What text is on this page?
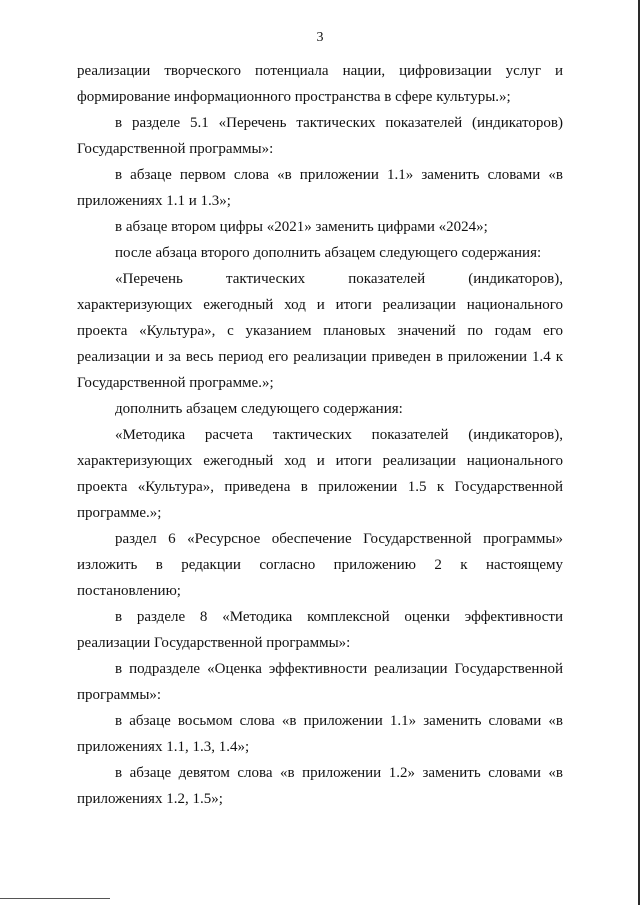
3

реализации творческого потенциала нации, цифровизации услуг и формирование информационного пространства в сфере культуры.»;

в разделе 5.1 «Перечень тактических показателей (индикаторов) Государственной программы»:

в абзаце первом слова «в приложении 1.1» заменить словами «в приложениях 1.1 и 1.3»;

в абзаце втором цифры «2021» заменить цифрами «2024»;

после абзаца второго дополнить абзацем следующего содержания:

«Перечень тактических показателей (индикаторов), характеризующих ежегодный ход и итоги реализации национального проекта «Культура», с указанием плановых значений по годам его реализации и за весь период его реализации приведен в приложении 1.4 к Государственной программе.»;

дополнить абзацем следующего содержания:

«Методика расчета тактических показателей (индикаторов), характеризующих ежегодный ход и итоги реализации национального проекта «Культура», приведена в приложении 1.5 к Государственной программе.»;

раздел 6 «Ресурсное обеспечение Государственной программы» изложить в редакции согласно приложению 2 к настоящему постановлению;

в разделе 8 «Методика комплексной оценки эффективности реализации Государственной программы»:

в подразделе «Оценка эффективности реализации Государственной программы»:

в абзаце восьмом слова «в приложении 1.1» заменить словами «в приложениях 1.1, 1.3, 1.4»;

в абзаце девятом слова «в приложении 1.2» заменить словами «в приложениях 1.2, 1.5»;
